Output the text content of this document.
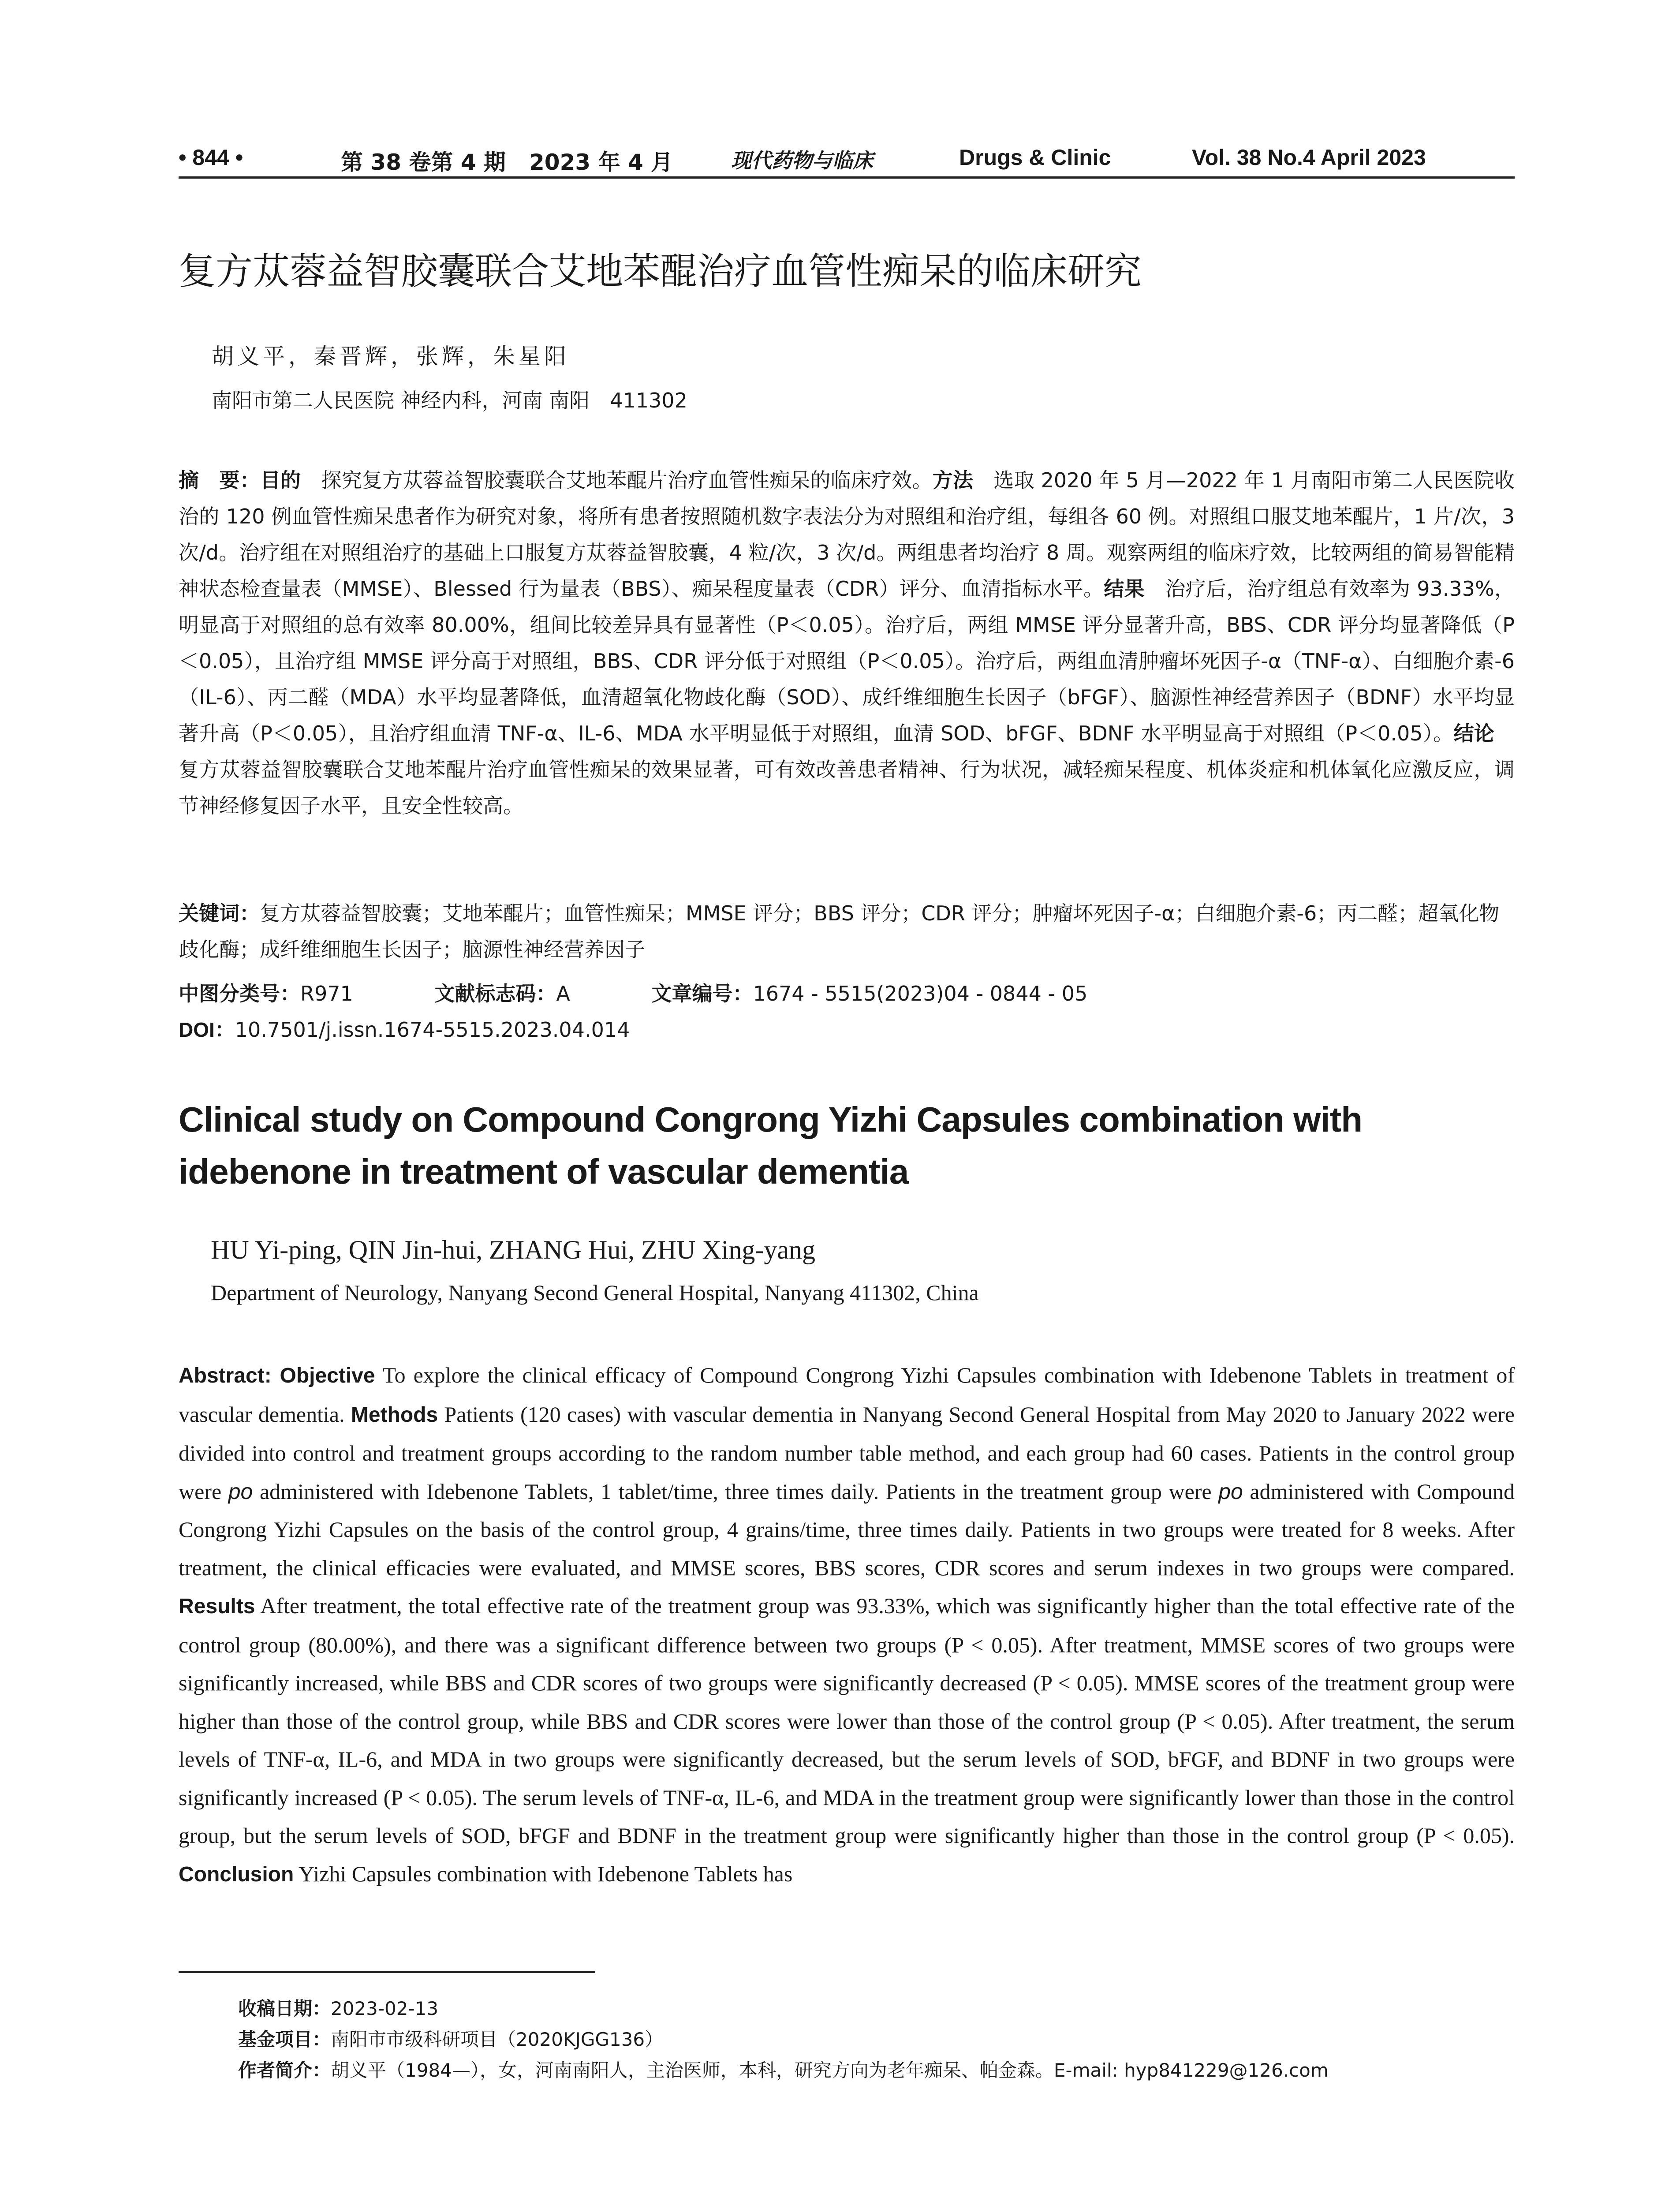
• 844 •	第 38 卷第 4 期 2023 年 4 月	现代药物与临床	Drugs & Clinic	Vol. 38 No.4 April 2023
复方苁蓉益智胶囊联合艾地苯醌治疗血管性痴呆的临床研究
胡义平，秦晋辉，张辉，朱星阳
南阳市第二人民医院 神经内科，河南 南阳　411302
摘　要：目的　探究复方苁蓉益智胶囊联合艾地苯醌片治疗血管性痴呆的临床疗效。方法　选取 2020 年 5 月—2022 年 1 月南阳市第二人民医院收治的 120 例血管性痴呆患者作为研究对象，将所有患者按照随机数字表法分为对照组和治疗组，每组各 60 例。对照组口服艾地苯醌片，1 片/次，3 次/d。治疗组在对照组治疗的基础上口服复方苁蓉益智胶囊，4 粒/次，3 次/d。两组患者均治疗 8 周。观察两组的临床疗效，比较两组的简易智能精神状态检查量表（MMSE）、Blessed 行为量表（BBS）、痴呆程度量表（CDR）评分、血清指标水平。结果　治疗后，治疗组总有效率为 93.33%，明显高于对照组的总有效率 80.00%，组间比较差异具有显著性（P＜0.05）。治疗后，两组 MMSE 评分显著升高，BBS、CDR 评分均显著降低（P＜0.05），且治疗组 MMSE 评分高于对照组，BBS、CDR 评分低于对照组（P＜0.05）。治疗后，两组血清肿瘤坏死因子-α（TNF-α）、白细胞介素-6（IL-6）、丙二醛（MDA）水平均显著降低，血清超氧化物歧化酶（SOD）、成纤维细胞生长因子（bFGF）、脑源性神经营养因子（BDNF）水平均显著升高（P＜0.05），且治疗组血清 TNF-α、IL-6、MDA 水平明显低于对照组，血清 SOD、bFGF、BDNF 水平明显高于对照组（P＜0.05）。结论　复方苁蓉益智胶囊联合艾地苯醌片治疗血管性痴呆的效果显著，可有效改善患者精神、行为状况，减轻痴呆程度、机体炎症和机体氧化应激反应，调节神经修复因子水平，且安全性较高。
关键词：复方苁蓉益智胶囊；艾地苯醌片；血管性痴呆；MMSE 评分；BBS 评分；CDR 评分；肿瘤坏死因子-α；白细胞介素-6；丙二醛；超氧化物歧化酶；成纤维细胞生长因子；脑源性神经营养因子
中图分类号：R971	文献标志码：A	文章编号：1674 - 5515(2023)04 - 0844 - 05
DOI：10.7501/j.issn.1674-5515.2023.04.014
Clinical study on Compound Congrong Yizhi Capsules combination with idebenone in treatment of vascular dementia
HU Yi-ping, QIN Jin-hui, ZHANG Hui, ZHU Xing-yang
Department of Neurology, Nanyang Second General Hospital, Nanyang 411302, China
Abstract: Objective To explore the clinical efficacy of Compound Congrong Yizhi Capsules combination with Idebenone Tablets in treatment of vascular dementia. Methods Patients (120 cases) with vascular dementia in Nanyang Second General Hospital from May 2020 to January 2022 were divided into control and treatment groups according to the random number table method, and each group had 60 cases. Patients in the control group were po administered with Idebenone Tablets, 1 tablet/time, three times daily. Patients in the treatment group were po administered with Compound Congrong Yizhi Capsules on the basis of the control group, 4 grains/time, three times daily. Patients in two groups were treated for 8 weeks. After treatment, the clinical efficacies were evaluated, and MMSE scores, BBS scores, CDR scores and serum indexes in two groups were compared. Results After treatment, the total effective rate of the treatment group was 93.33%, which was significantly higher than the total effective rate of the control group (80.00%), and there was a significant difference between two groups (P < 0.05). After treatment, MMSE scores of two groups were significantly increased, while BBS and CDR scores of two groups were significantly decreased (P < 0.05). MMSE scores of the treatment group were higher than those of the control group, while BBS and CDR scores were lower than those of the control group (P < 0.05). After treatment, the serum levels of TNF-α, IL-6, and MDA in two groups were significantly decreased, but the serum levels of SOD, bFGF, and BDNF in two groups were significantly increased (P < 0.05). The serum levels of TNF-α, IL-6, and MDA in the treatment group were significantly lower than those in the control group, but the serum levels of SOD, bFGF and BDNF in the treatment group were significantly higher than those in the control group (P < 0.05). Conclusion Yizhi Capsules combination with Idebenone Tablets has
收稿日期：2023-02-13
基金项目：南阳市市级科研项目（2020KJGG136）
作者简介：胡义平（1984—），女，河南南阳人，主治医师，本科，研究方向为老年痴呆、帕金森。E-mail: hyp841229@126.com
